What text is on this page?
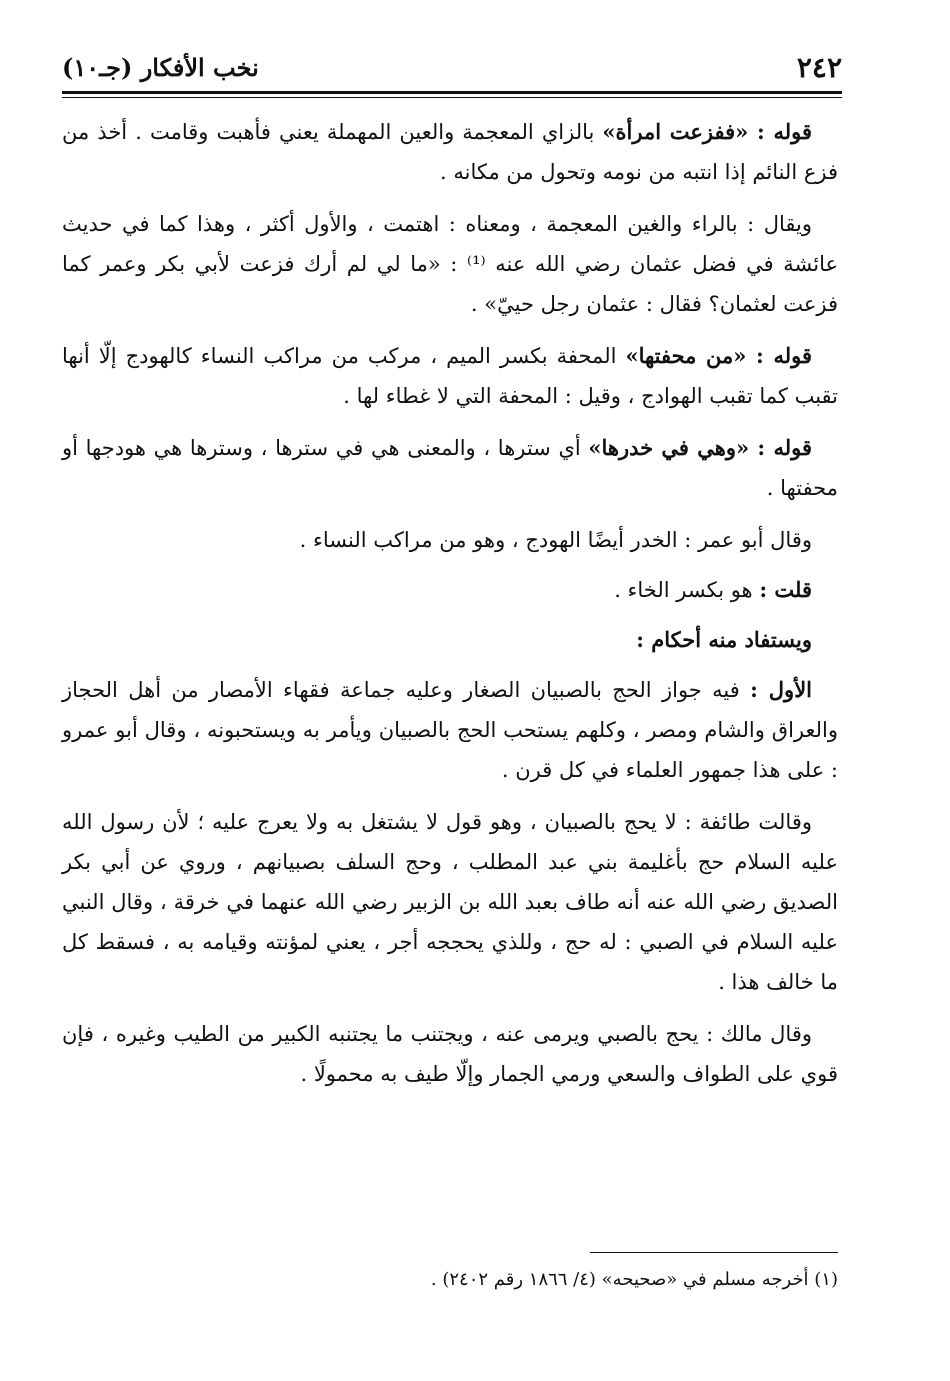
٢٤٢
نخب الأفكار (جـ١٠)

قوله : «ففزعت امرأة» بالزاي المعجمة والعين المهملة يعني فأهبت وقامت . أخذ من فزع النائم إذا انتبه من نومه وتحول من مكانه .

ويقال : بالراء والغين المعجمة ، ومعناه : اهتمت ، والأول أكثر ، وهذا كما في حديث عائشة في فضل عثمان رضي الله عنه ⁽¹⁾ : «ما لي لم أرك فزعت لأبي بكر وعمر كما فزعت لعثمان؟ فقال : عثمان رجل حييّ» .

قوله : «من محفتها» المحفة بكسر الميم ، مركب من مراكب النساء كالهودج إلّا أنها تقبب كما تقبب الهوادج ، وقيل : المحفة التي لا غطاء لها .

قوله : «وهي في خدرها» أي سترها ، والمعنى هي في سترها ، وسترها هي هودجها أو محفتها .

وقال أبو عمر : الخدر أيضًا الهودج ، وهو من مراكب النساء .

قلت : هو بكسر الخاء .

ويستفاد منه أحكام :

الأول : فيه جواز الحج بالصبيان الصغار وعليه جماعة فقهاء الأمصار من أهل الحجاز والعراق والشام ومصر ، وكلهم يستحب الحج بالصبيان ويأمر به ويستحبونه ، وقال أبو عمرو : على هذا جمهور العلماء في كل قرن .

وقالت طائفة : لا يحج بالصبيان ، وهو قول لا يشتغل به ولا يعرج عليه ؛ لأن رسول الله عليه السلام حج بأغليمة بني عبد المطلب ، وحج السلف بصبيانهم ، وروي عن أبي بكر الصديق رضي الله عنه أنه طاف بعبد الله بن الزبير رضي الله عنهما في خرقة ، وقال النبي عليه السلام في الصبي : له حج ، وللذي يحججه أجر ، يعني لمؤنته وقيامه به ، فسقط كل ما خالف هذا .

وقال مالك : يحج بالصبي ويرمى عنه ، ويجتنب ما يجتنبه الكبير من الطيب وغيره ، فإن قوي على الطواف والسعي ورمي الجمار وإلّا طيف به محمولًا .

(١) أخرجه مسلم في «صحيحه» (٤/ ١٨٦٦ رقم ٢٤٠٢) .
